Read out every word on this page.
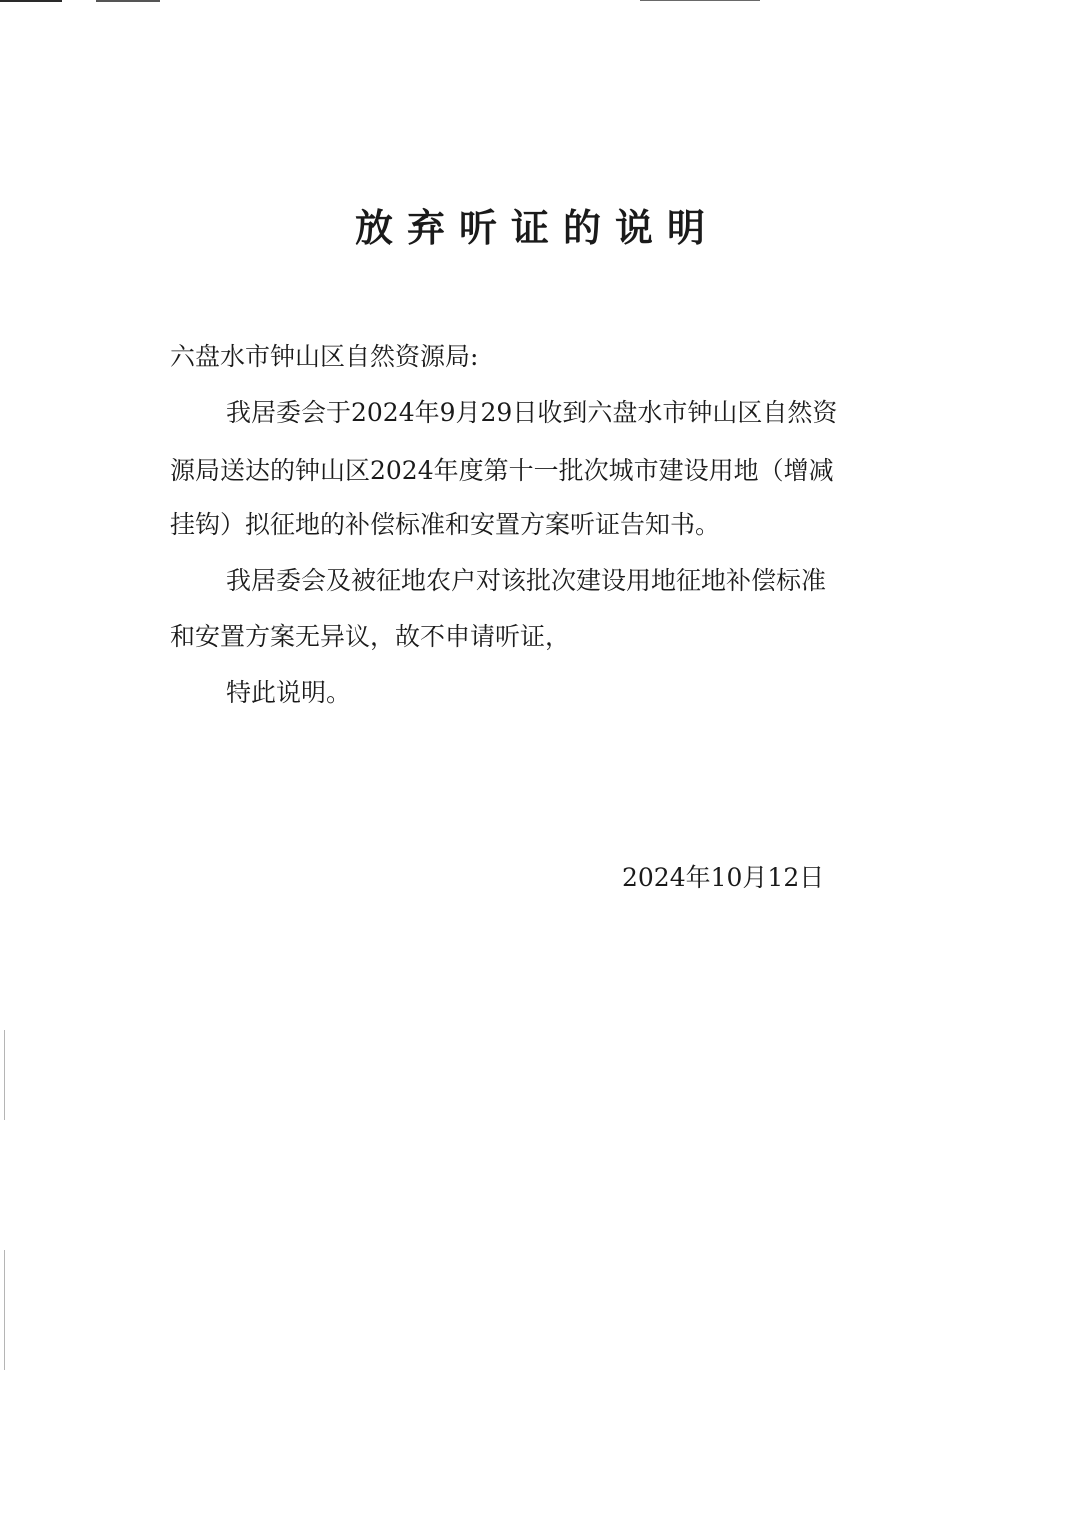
放弃听证的说明
六盘水市钟山区自然资源局:
我居委会于2024年9月29日收到六盘水市钟山区自然资
源局送达的钟山区2024年度第十一批次城市建设用地（增减
挂钩）拟征地的补偿标准和安置方案听证告知书。
我居委会及被征地农户对该批次建设用地征地补偿标准
和安置方案无异议，故不申请听证，
特此说明。
2024年10月12日
